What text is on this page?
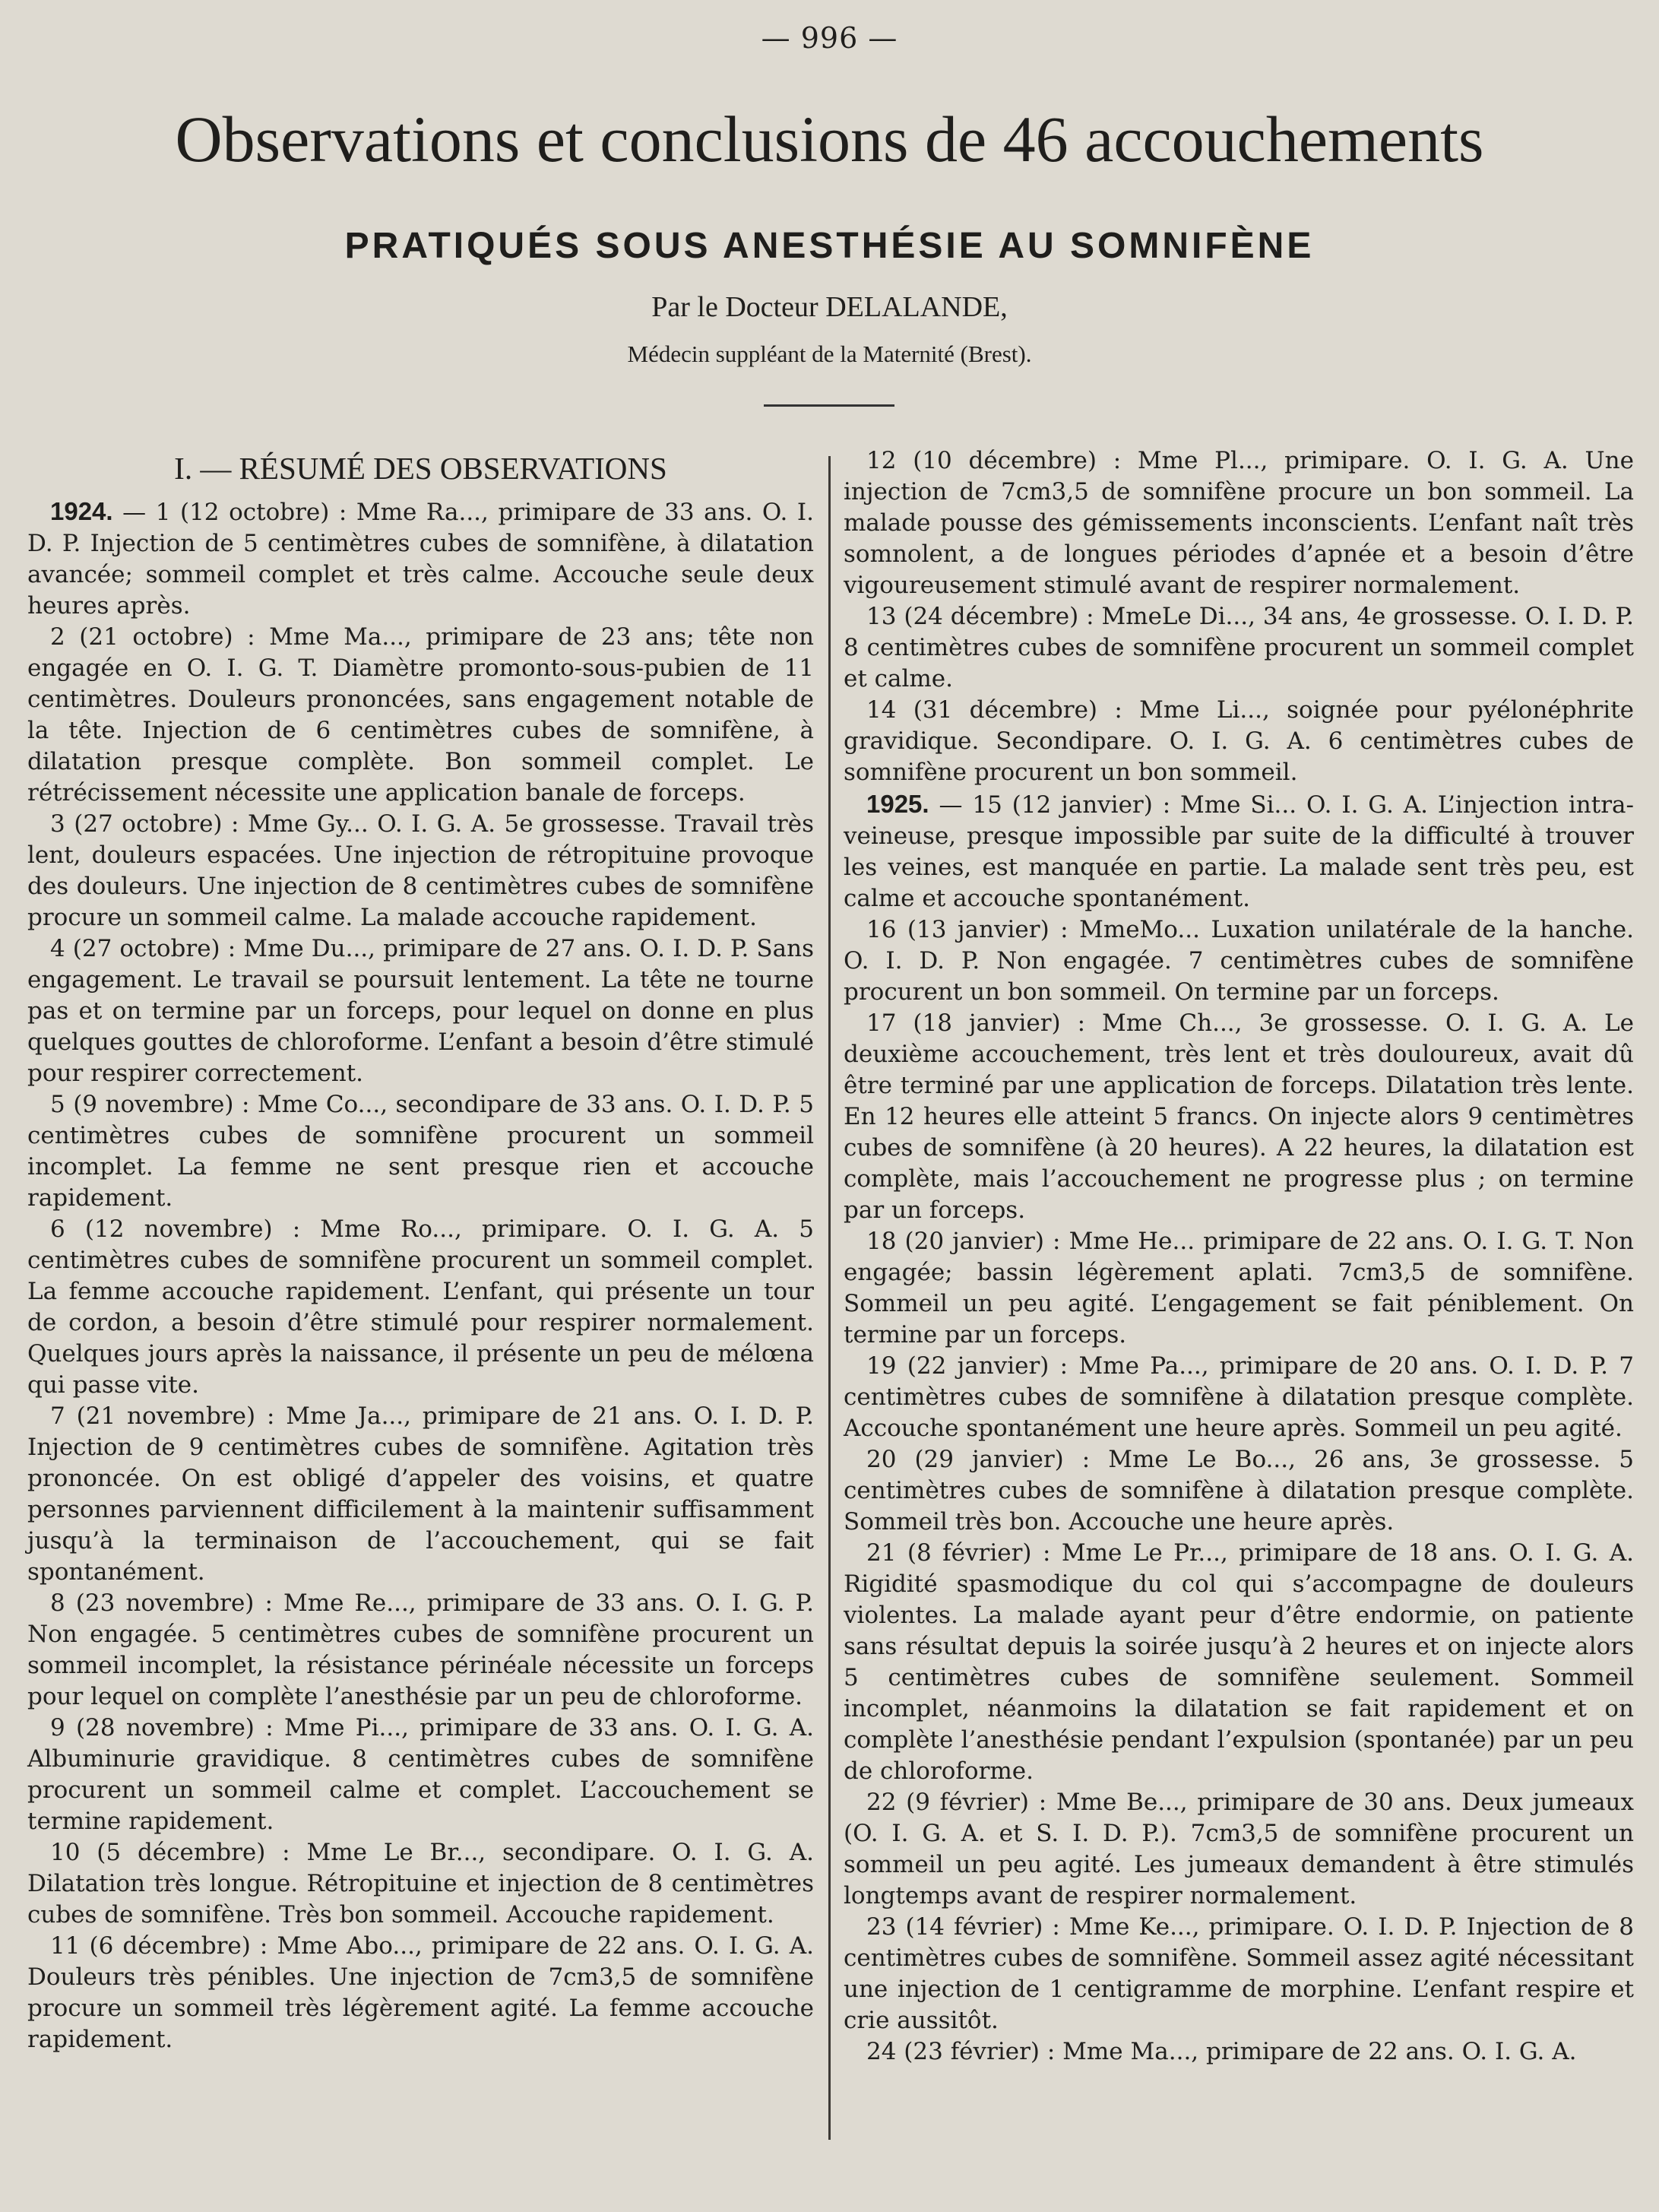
— 996 —
Observations et conclusions de 46 accouchements
PRATIQUÉS SOUS ANESTHÉSIE AU SOMNIFÈNE
Par le Docteur DELALANDE,
Médecin suppléant de la Maternité (Brest).
I. — RÉSUMÉ DES OBSERVATIONS

1924. — 1 (12 octobre) : Mme Ra..., primipare de 33 ans. O. I. D. P. Injection de 5 centimètres cubes de somnifène, à dilatation avancée; sommeil complet et très calme. Accouche seule deux heures après.

2 (21 octobre) : Mme Ma..., primipare de 23 ans; tête non engagée en O. I. G. T. Diamètre promonto-sous-pubien de 11 centimètres. Douleurs prononcées, sans engagement notable de la tête. Injection de 6 centimètres cubes de somnifène, à dilatation presque complète. Bon sommeil complet. Le rétrécissement nécessite une application banale de forceps.

3 (27 octobre) : Mme Gy... O. I. G. A. 5e grossesse. Travail très lent, douleurs espacées. Une injection de rétropituine provoque des douleurs. Une injection de 8 centimètres cubes de somnifène procure un sommeil calme. La malade accouche rapidement.

4 (27 octobre) : Mme Du..., primipare de 27 ans. O. I. D. P. Sans engagement. Le travail se poursuit lentement. La tête ne tourne pas et on termine par un forceps, pour lequel on donne en plus quelques gouttes de chloroforme. L’enfant a besoin d’être stimulé pour respirer correctement.

5 (9 novembre) : Mme Co..., secondipare de 33 ans. O. I. D. P. 5 centimètres cubes de somnifène procurent un sommeil incomplet. La femme ne sent presque rien et accouche rapidement.

6 (12 novembre) : Mme Ro..., primipare. O. I. G. A. 5 centimètres cubes de somnifène procurent un sommeil complet. La femme accouche rapidement. L’enfant, qui présente un tour de cordon, a besoin d’être stimulé pour respirer normalement. Quelques jours après la naissance, il présente un peu de mélœna qui passe vite.

7 (21 novembre) : Mme Ja..., primipare de 21 ans. O. I. D. P. Injection de 9 centimètres cubes de somnifène. Agitation très prononcée. On est obligé d’appeler des voisins, et quatre personnes parviennent difficilement à la maintenir suffisamment jusqu’à la terminaison de l’accouchement, qui se fait spontanément.

8 (23 novembre) : Mme Re..., primipare de 33 ans. O. I. G. P. Non engagée. 5 centimètres cubes de somnifène procurent un sommeil incomplet, la résistance périnéale nécessite un forceps pour lequel on complète l’anesthésie par un peu de chloroforme.

9 (28 novembre) : Mme Pi..., primipare de 33 ans. O. I. G. A. Albuminurie gravidique. 8 centimètres cubes de somnifène procurent un sommeil calme et complet. L’accouchement se termine rapidement.

10 (5 décembre) : Mme Le Br..., secondipare. O. I. G. A. Dilatation très longue. Rétropituine et injection de 8 centimètres cubes de somnifène. Très bon sommeil. Accouche rapidement.

11 (6 décembre) : Mme Abo..., primipare de 22 ans. O. I. G. A. Douleurs très pénibles. Une injection de 7cm3,5 de somnifène procure un sommeil très légèrement agité. La femme accouche rapidement.

12 (10 décembre) : Mme Pl..., primipare. O. I. G. A. Une injection de 7cm3,5 de somnifène procure un bon sommeil. La malade pousse des gémissements inconscients. L’enfant naît très somnolent, a de longues périodes d’apnée et a besoin d’être vigoureusement stimulé avant de respirer normalement.

13 (24 décembre) : MmeLe Di..., 34 ans, 4e grossesse. O. I. D. P. 8 centimètres cubes de somnifène procurent un sommeil complet et calme.

14 (31 décembre) : Mme Li..., soignée pour pyélonéphrite gravidique. Secondipare. O. I. G. A. 6 centimètres cubes de somnifène procurent un bon sommeil.

1925. — 15 (12 janvier) : Mme Si... O. I. G. A. L’injection intra-veineuse, presque impossible par suite de la difficulté à trouver les veines, est manquée en partie. La malade sent très peu, est calme et accouche spontanément.

16 (13 janvier) : MmeMo... Luxation unilatérale de la hanche. O. I. D. P. Non engagée. 7 centimètres cubes de somnifène procurent un bon sommeil. On termine par un forceps.

17 (18 janvier) : Mme Ch..., 3e grossesse. O. I. G. A. Le deuxième accouchement, très lent et très douloureux, avait dû être terminé par une application de forceps. Dilatation très lente. En 12 heures elle atteint 5 francs. On injecte alors 9 centimètres cubes de somnifène (à 20 heures). A 22 heures, la dilatation est complète, mais l’accouchement ne progresse plus ; on termine par un forceps.

18 (20 janvier) : Mme He... primipare de 22 ans. O. I. G. T. Non engagée; bassin légèrement aplati. 7cm3,5 de somnifène. Sommeil un peu agité. L’engagement se fait péniblement. On termine par un forceps.

19 (22 janvier) : Mme Pa..., primipare de 20 ans. O. I. D. P. 7 centimètres cubes de somnifène à dilatation presque complète. Accouche spontanément une heure après. Sommeil un peu agité.

20 (29 janvier) : Mme Le Bo..., 26 ans, 3e grossesse. 5 centimètres cubes de somnifène à dilatation presque complète. Sommeil très bon. Accouche une heure après.

21 (8 février) : Mme Le Pr..., primipare de 18 ans. O. I. G. A. Rigidité spasmodique du col qui s’accompagne de douleurs violentes. La malade ayant peur d’être endormie, on patiente sans résultat depuis la soirée jusqu’à 2 heures et on injecte alors 5 centimètres cubes de somnifène seulement. Sommeil incomplet, néanmoins la dilatation se fait rapidement et on complète l’anesthésie pendant l’expulsion (spontanée) par un peu de chloroforme.

22 (9 février) : Mme Be..., primipare de 30 ans. Deux jumeaux (O. I. G. A. et S. I. D. P.). 7cm3,5 de somnifène procurent un sommeil un peu agité. Les jumeaux demandent à être stimulés longtemps avant de respirer normalement.

23 (14 février) : Mme Ke..., primipare. O. I. D. P. Injection de 8 centimètres cubes de somnifène. Sommeil assez agité nécessitant une injection de 1 centigramme de morphine. L’enfant respire et crie aussitôt.

24 (23 février) : Mme Ma..., primipare de 22 ans. O. I. G. A.
